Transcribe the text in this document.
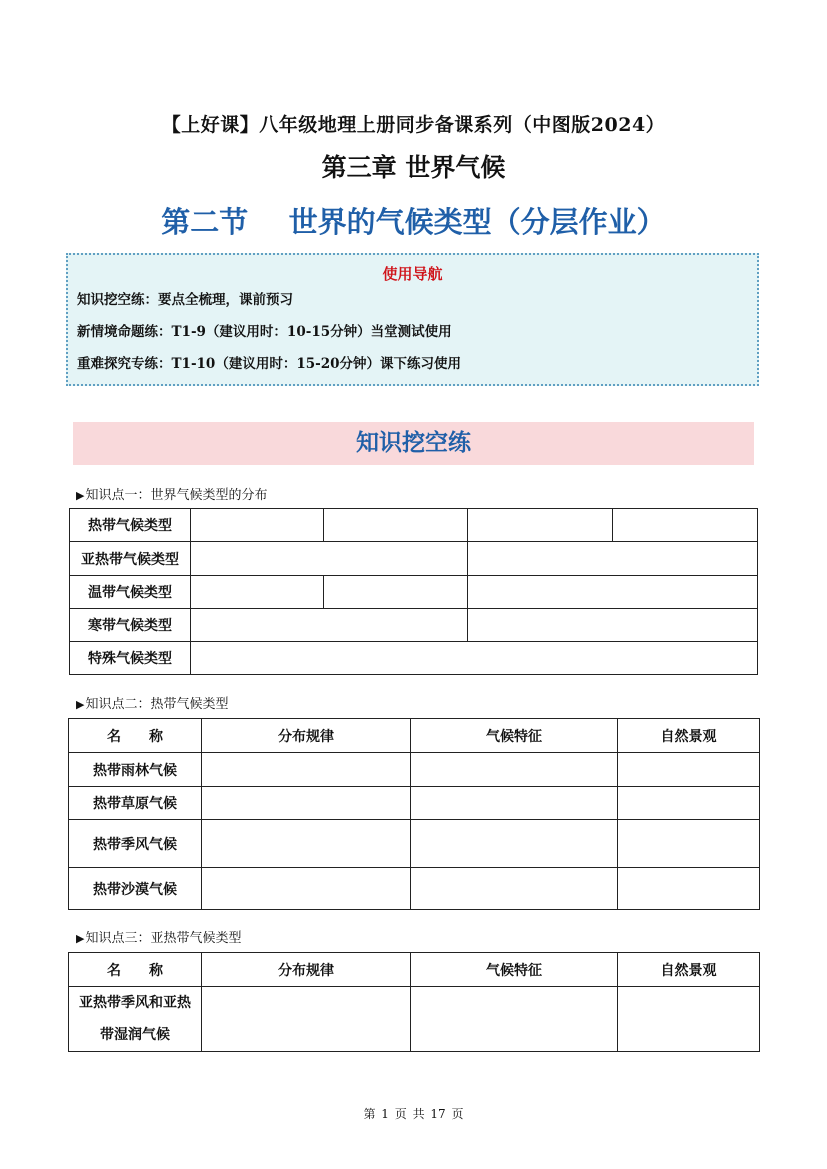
【上好课】八年级地理上册同步备课系列（中图版2024）
第三章 世界气候
第二节    世界的气候类型（分层作业）
使用导航
知识挖空练：要点全梳理，课前预习
新情境命题练：T1-9（建议用时：10-15分钟）当堂测试使用
重难探究专练：T1-10（建议用时：15-20分钟）课下练习使用
知识挖空练
▶知识点一：世界气候类型的分布
热带气候类型				
亚热带气候类型				
温带气候类型				
寒带气候类型				
特殊气候类型				
▶知识点二：热带气候类型
名　　称	分布规律	气候特征	自然景观
热带雨林气候			
热带草原气候			
热带季风气候			
热带沙漠气候			
▶知识点三：亚热带气候类型
名　　称	分布规律	气候特征	自然景观
亚热带季风和亚热带湿润气候			
第 1 页 共 17 页
